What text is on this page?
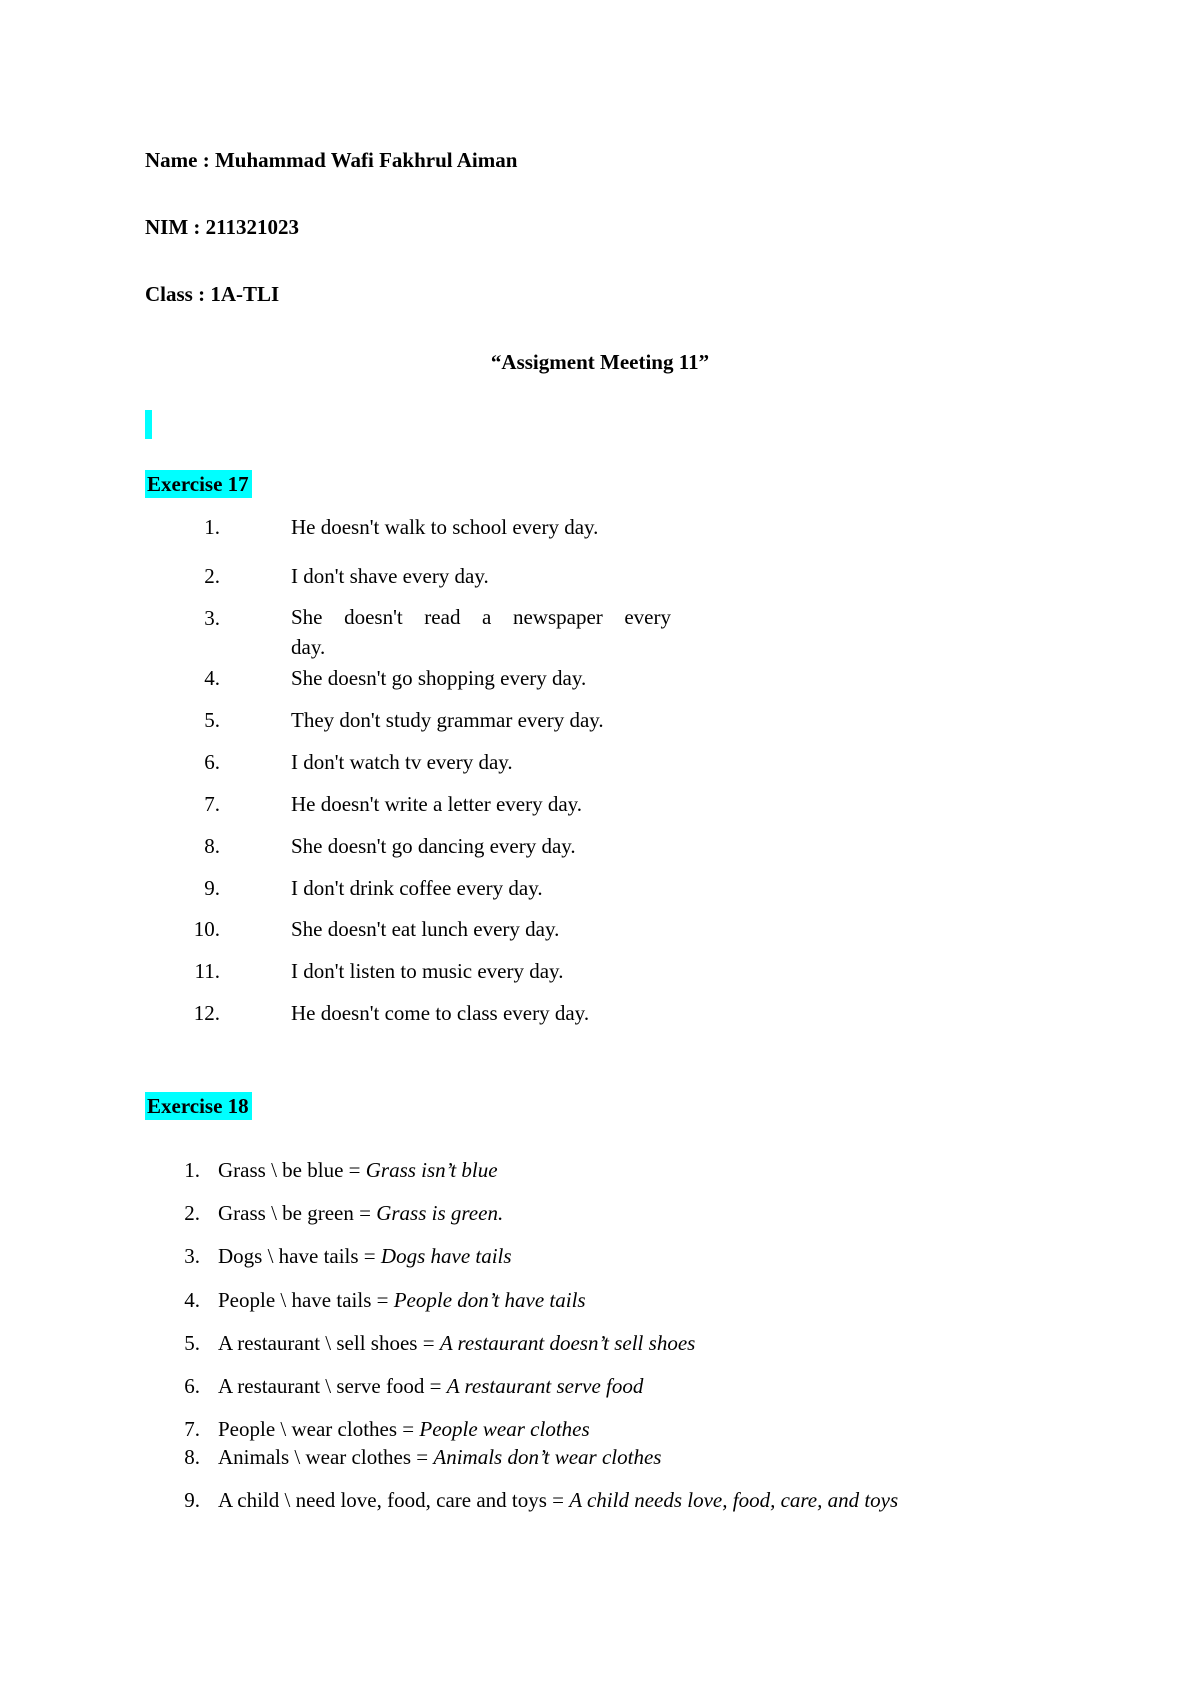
Name : Muhammad Wafi Fakhrul Aiman
NIM : 211321023
Class : 1A-TLI
“Assigment Meeting 11”
Exercise 17
1.	He doesn't walk to school every day.
2.	I don't shave every day.
3.	She doesn't read a newspaper every
day.
4.	She doesn't go shopping every day.
5.	They don't study grammar every day.
6.	I don't watch tv every day.
7.	He doesn't write a letter every day.
8.	She doesn't go dancing every day.
9.	I don't drink coffee every day.
10.	She doesn't eat lunch every day.
11.	I don't listen to music every day.
12.	He doesn't come to class every day.
Exercise 18
1. Grass \ be blue = Grass isn’t blue
2. Grass \ be green = Grass is green.
3. Dogs \ have tails = Dogs have tails
4. People \ have tails = People don’t have tails
5. A restaurant \ sell shoes = A restaurant doesn’t sell shoes
6. A restaurant \ serve food = A restaurant serve food
7. People \ wear clothes = People wear clothes
8. Animals \ wear clothes = Animals don’t wear clothes
9. A child \ need love, food, care and toys = A child needs love, food, care, and toys
